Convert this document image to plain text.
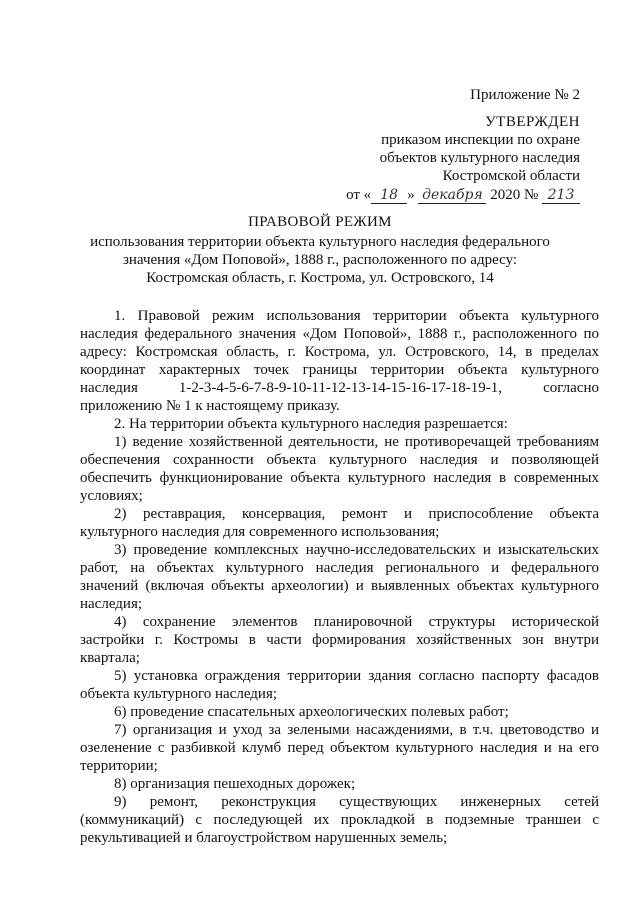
Приложение № 2
УТВЕРЖДЕН
приказом инспекции по охране
объектов культурного наследия
Костромской области
от « 18 » декабря 2020 № 213
ПРАВОВОЙ РЕЖИМ
использования территории объекта культурного наследия федерального
значения «Дом Поповой», 1888 г., расположенного по адресу:
Костромская область, г. Кострома, ул. Островского, 14

1. Правовой режим использования территории объекта культурного наследия федерального значения «Дом Поповой», 1888 г., расположенного по адресу: Костромская область, г. Кострома, ул. Островского, 14, в пределах координат характерных точек границы территории объекта культурного наследия 1-2-3-4-5-6-7-8-9-10-11-12-13-14-15-16-17-18-19-1, согласно приложению № 1 к настоящему приказу.

2. На территории объекта культурного наследия разрешается:

1) ведение хозяйственной деятельности, не противоречащей требованиям обеспечения сохранности объекта культурного наследия и позволяющей обеспечить функционирование объекта культурного наследия в современных условиях;

2) реставрация, консервация, ремонт и приспособление объекта культурного наследия для современного использования;

3) проведение комплексных научно-исследовательских и изыскательских работ, на объектах культурного наследия регионального и федерального значений (включая объекты археологии) и выявленных объектах культурного наследия;

4) сохранение элементов планировочной структуры исторической застройки г. Костромы в части формирования хозяйственных зон внутри квартала;

5) установка ограждения территории здания согласно паспорту фасадов объекта культурного наследия;

6) проведение спасательных археологических полевых работ;

7) организация и уход за зелеными насаждениями, в т.ч. цветоводство и озеленение с разбивкой клумб перед объектом культурного наследия и на его территории;

8) организация пешеходных дорожек;

9) ремонт, реконструкция существующих инженерных сетей (коммуникаций) с последующей их прокладкой в подземные траншеи с рекультивацией и благоустройством нарушенных земель;
